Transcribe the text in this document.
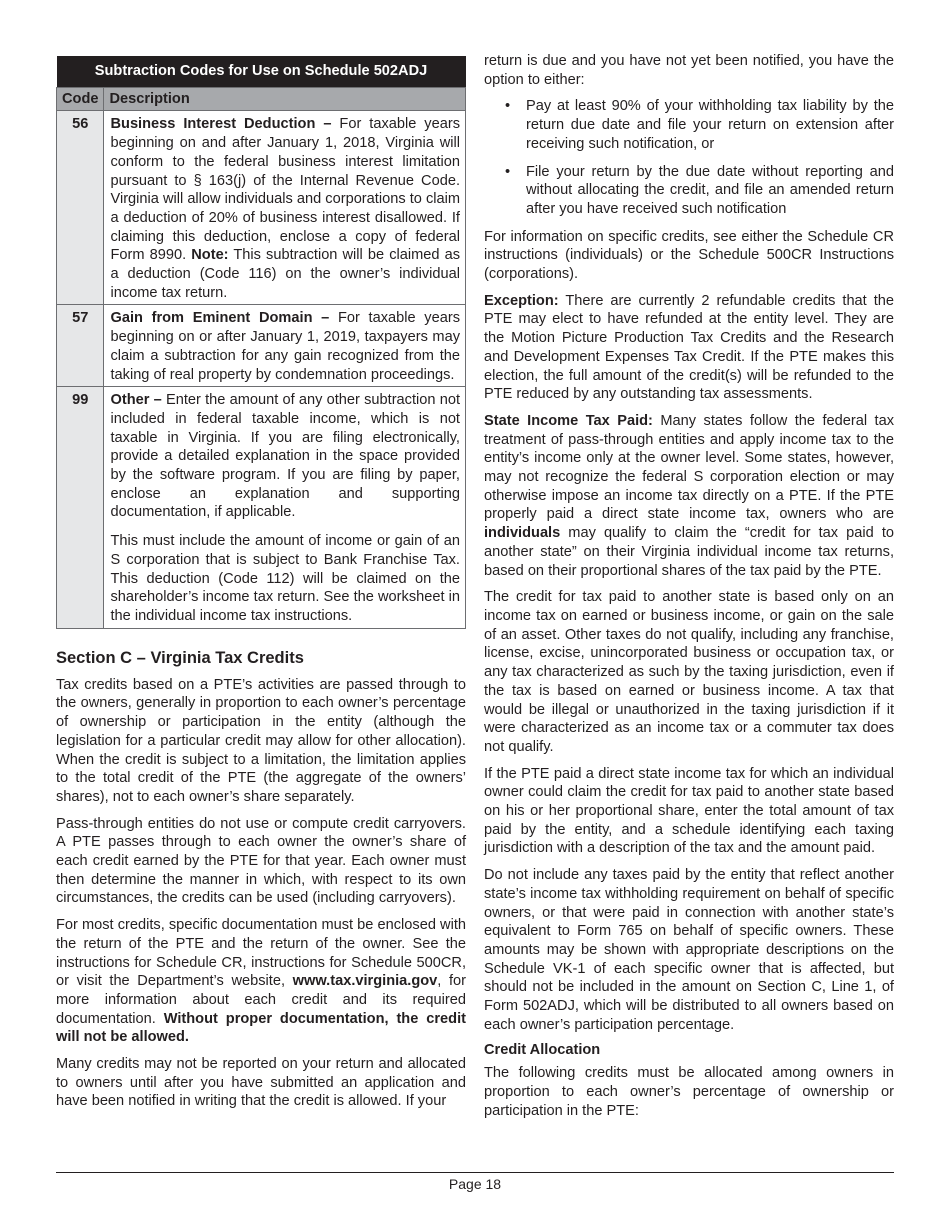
Subtraction Codes for Use on Schedule 502ADJ	
Code	Description
56	Business Interest Deduction – For taxable years beginning on and after January 1, 2018, Virginia will conform to the federal business interest limitation pursuant to § 163(j) of the Internal Revenue Code. Virginia will allow individuals and corporations to claim a deduction of 20% of business interest disallowed. If claiming this deduction, enclose a copy of federal Form 8990. Note: This subtraction will be claimed as a deduction (Code 116) on the owner’s individual income tax return.

57	Gain from Eminent Domain – For taxable years beginning on or after January 1, 2019, taxpayers may claim a subtraction for any gain recognized from the taking of real property by condemnation proceedings.

99	Other – Enter the amount of any other subtraction not included in federal taxable income, which is not taxable in Virginia. If you are filing electronically, provide a detailed explanation in the space provided by the software program. If you are filing by paper, enclose an explanation and supporting documentation, if applicable.

This must include the amount of income or gain of an S corporation that is subject to Bank Franchise Tax. This deduction (Code 112) will be claimed on the shareholder’s income tax return. See the worksheet in the individual income tax instructions.

Section C – Virginia Tax Credits

Tax credits based on a PTE’s activities are passed through to the owners, generally in proportion to each owner’s percentage of ownership or participation in the entity (although the legislation for a particular credit may allow for other allocation). When the credit is subject to a limitation, the limitation applies to the total credit of the PTE (the aggregate of the owners’ shares), not to each owner’s share separately.

Pass-through entities do not use or compute credit carryovers. A PTE passes through to each owner the owner’s share of each credit earned by the PTE for that year. Each owner must then determine the manner in which, with respect to its own circumstances, the credits can be used (including carryovers).

For most credits, specific documentation must be enclosed with the return of the PTE and the return of the owner. See the instructions for Schedule CR, instructions for Schedule 500CR, or visit the Department’s website, www.tax.virginia.gov, for more information about each credit and its required documentation. Without proper documentation, the credit will not be allowed.

Many credits may not be reported on your return and allocated to owners until after you have submitted an application and have been notified in writing that the credit is allowed. If your

return is due and you have not yet been notified, you have the option to either:

• Pay at least 90% of your withholding tax liability by the return due date and file your return on extension after receiving such notification, or
• File your return by the due date without reporting and without allocating the credit, and file an amended return after you have received such notification

For information on specific credits, see either the Schedule CR instructions (individuals) or the Schedule 500CR Instructions (corporations).

Exception: There are currently 2 refundable credits that the PTE may elect to have refunded at the entity level. They are the Motion Picture Production Tax Credits and the Research and Development Expenses Tax Credit. If the PTE makes this election, the full amount of the credit(s) will be refunded to the PTE reduced by any outstanding tax assessments.

State Income Tax Paid: Many states follow the federal tax treatment of pass-through entities and apply income tax to the entity’s income only at the owner level. Some states, however, may not recognize the federal S corporation election or may otherwise impose an income tax directly on a PTE. If the PTE properly paid a direct state income tax, owners who are individuals may qualify to claim the “credit for tax paid to another state” on their Virginia individual income tax returns, based on their proportional shares of the tax paid by the PTE.

The credit for tax paid to another state is based only on an income tax on earned or business income, or gain on the sale of an asset. Other taxes do not qualify, including any franchise, license, excise, unincorporated business or occupation tax, or any tax characterized as such by the taxing jurisdiction, even if the tax is based on earned or business income. A tax that would be illegal or unauthorized in the taxing jurisdiction if it were characterized as an income tax or a commuter tax does not qualify.

If the PTE paid a direct state income tax for which an individual owner could claim the credit for tax paid to another state based on his or her proportional share, enter the total amount of tax paid by the entity, and a schedule identifying each taxing jurisdiction with a description of the tax and the amount paid.

Do not include any taxes paid by the entity that reflect another state’s income tax withholding requirement on behalf of specific owners, or that were paid in connection with another state’s equivalent to Form 765 on behalf of specific owners. These amounts may be shown with appropriate descriptions on the Schedule VK-1 of each specific owner that is affected, but should not be included in the amount on Section C, Line 1, of Form 502ADJ, which will be distributed to all owners based on each owner’s participation percentage.

Credit Allocation

The following credits must be allocated among owners in proportion to each owner’s percentage of ownership or participation in the PTE:

Page 18
